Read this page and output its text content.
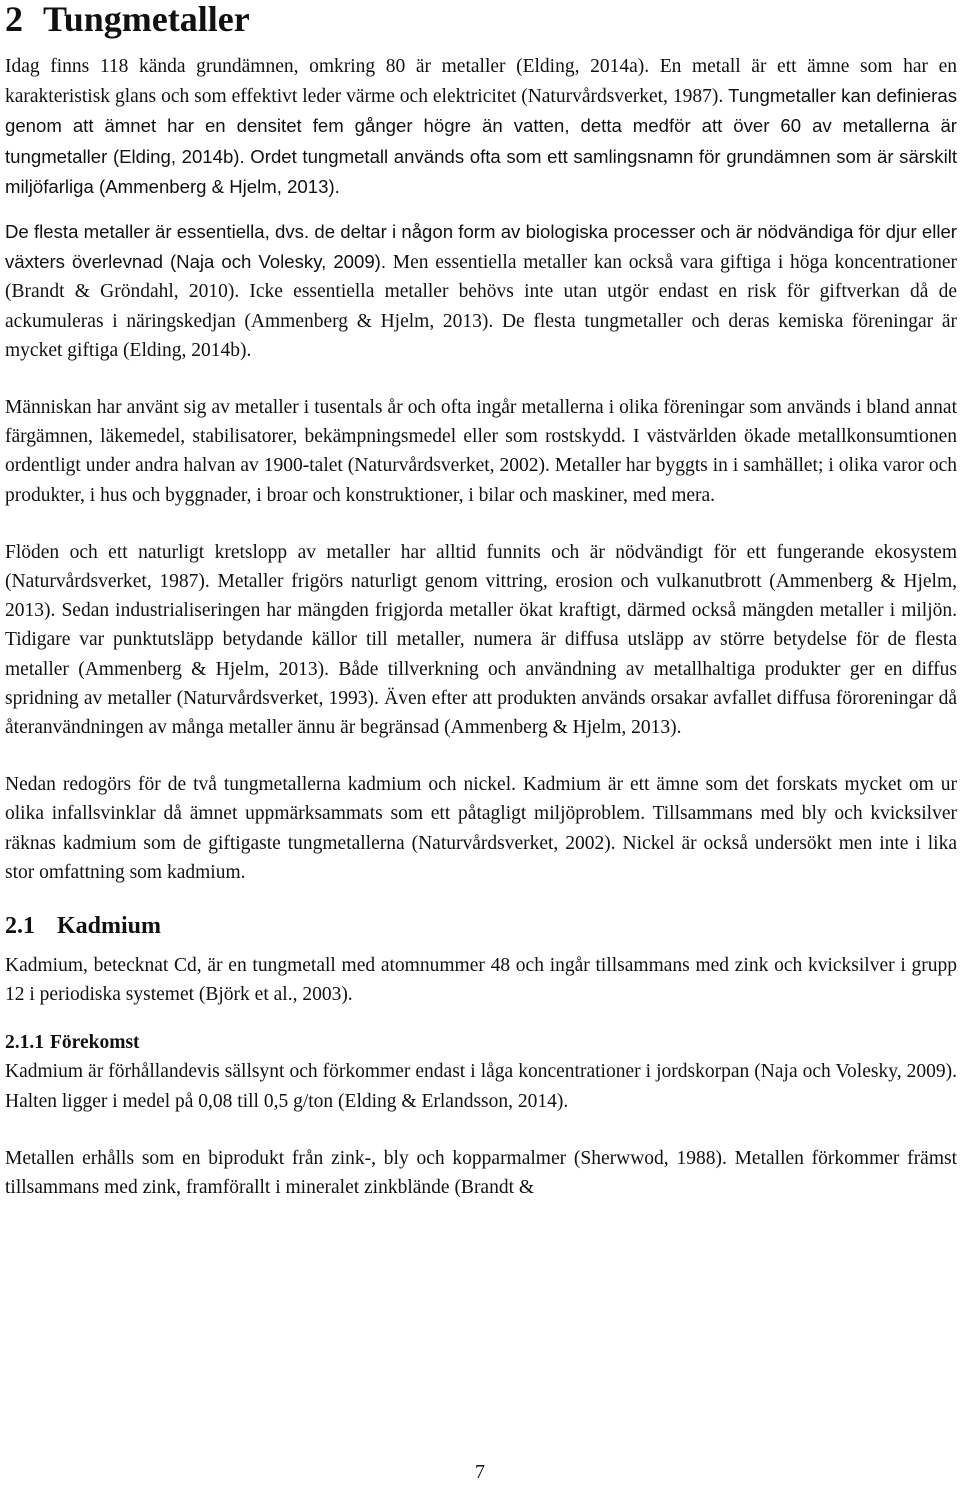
2 Tungmetaller

Idag finns 118 kända grundämnen, omkring 80 är metaller (Elding, 2014a). En metall är ett ämne som har en karakteristisk glans och som effektivt leder värme och elektricitet (Naturvårdsverket, 1987). Tungmetaller kan definieras genom att ämnet har en densitet fem gånger högre än vatten, detta medför att över 60 av metallerna är tungmetaller (Elding, 2014b). Ordet tungmetall används ofta som ett samlingsnamn för grundämnen som är särskilt miljöfarliga (Ammenberg & Hjelm, 2013).

De flesta metaller är essentiella, dvs. de deltar i någon form av biologiska processer och är nödvändiga för djur eller växters överlevnad (Naja och Volesky, 2009). Men essentiella metaller kan också vara giftiga i höga koncentrationer (Brandt & Gröndahl, 2010). Icke essentiella metaller behövs inte utan utgör endast en risk för giftverkan då de ackumuleras i näringskedjan (Ammenberg & Hjelm, 2013). De flesta tungmetaller och deras kemiska föreningar är mycket giftiga (Elding, 2014b).

Människan har använt sig av metaller i tusentals år och ofta ingår metallerna i olika föreningar som används i bland annat färgämnen, läkemedel, stabilisatorer, bekämpningsmedel eller som rostskydd. I västvärlden ökade metallkonsumtionen ordentligt under andra halvan av 1900-talet (Naturvårdsverket, 2002). Metaller har byggts in i samhället; i olika varor och produkter, i hus och byggnader, i broar och konstruktioner, i bilar och maskiner, med mera.

Flöden och ett naturligt kretslopp av metaller har alltid funnits och är nödvändigt för ett fungerande ekosystem (Naturvårdsverket, 1987). Metaller frigörs naturligt genom vittring, erosion och vulkanutbrott (Ammenberg & Hjelm, 2013). Sedan industrialiseringen har mängden frigjorda metaller ökat kraftigt, därmed också mängden metaller i miljön. Tidigare var punktutsläpp betydande källor till metaller, numera är diffusa utsläpp av större betydelse för de flesta metaller (Ammenberg & Hjelm, 2013). Både tillverkning och användning av metallhaltiga produkter ger en diffus spridning av metaller (Naturvårdsverket, 1993). Även efter att produkten används orsakar avfallet diffusa föroreningar då återanvändningen av många metaller ännu är begränsad (Ammenberg & Hjelm, 2013).

Nedan redogörs för de två tungmetallerna kadmium och nickel. Kadmium är ett ämne som det forskats mycket om ur olika infallsvinklar då ämnet uppmärksammats som ett påtagligt miljöproblem. Tillsammans med bly och kvicksilver räknas kadmium som de giftigaste tungmetallerna (Naturvårdsverket, 2002). Nickel är också undersökt men inte i lika stor omfattning som kadmium.

2.1 Kadmium

Kadmium, betecknat Cd, är en tungmetall med atomnummer 48 och ingår tillsammans med zink och kvicksilver i grupp 12 i periodiska systemet (Björk et al., 2003).

2.1.1 Förekomst

Kadmium är förhållandevis sällsynt och förkommer endast i låga koncentrationer i jordskorpan (Naja och Volesky, 2009). Halten ligger i medel på 0,08 till 0,5 g/ton (Elding & Erlandsson, 2014).

Metallen erhålls som en biprodukt från zink-, bly och kopparmalmer (Sherwwod, 1988). Metallen förkommer främst tillsammans med zink, framförallt i mineralet zinkblände (Brandt &

7
